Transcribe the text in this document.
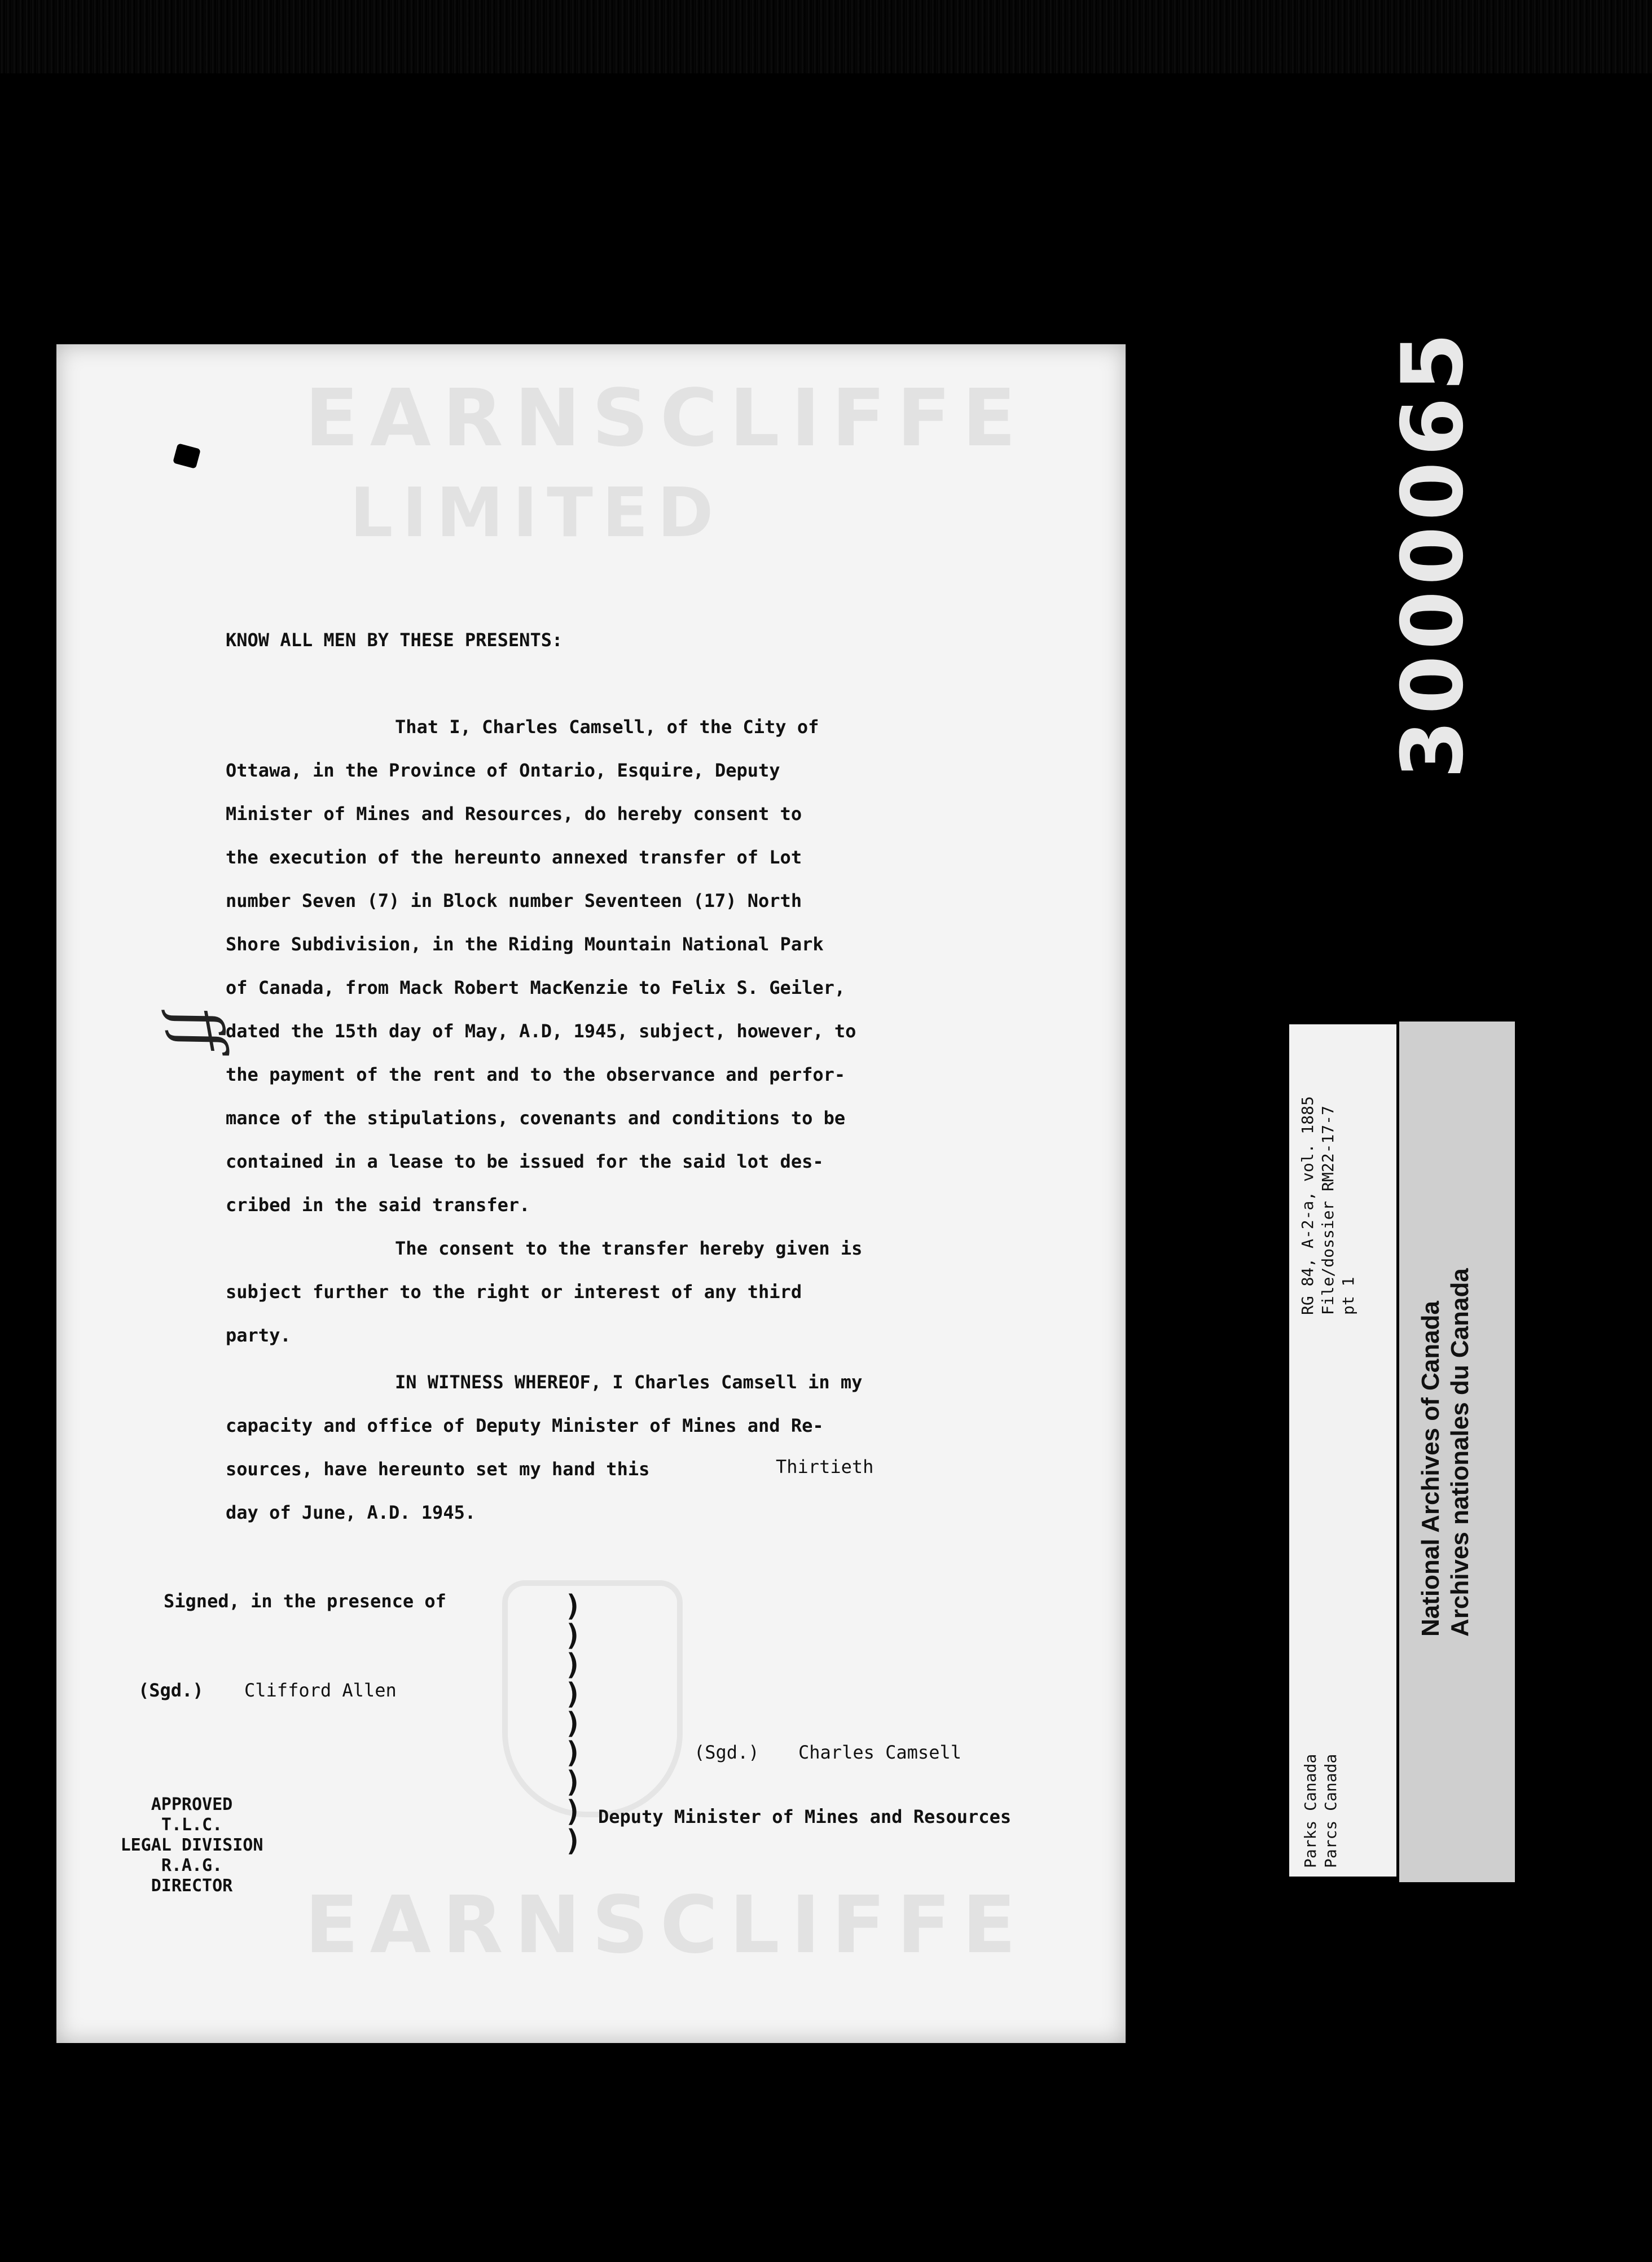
3000065
EARNSCLIFFE
LIMITED
EARNSCLIFFE
KNOW ALL MEN BY THESE PRESENTS:
That I, Charles Camsell, of the City of
Ottawa, in the Province of Ontario, Esquire, Deputy
Minister of Mines and Resources, do hereby consent to
the execution of the hereunto annexed transfer of Lot
number Seven (7) in Block number Seventeen (17) North
Shore Subdivision, in the Riding Mountain National Park
of Canada, from Mack Robert MacKenzie to Felix S. Geiler,
dated the 15th day of May, A.D, 1945, subject, however, to
the payment of the rent and to the observance and perfor-
mance of the stipulations, covenants and conditions to be
contained in a lease to be issued for the said lot des-
cribed in the said transfer.
The consent to the transfer hereby given is
subject further to the right or interest of any third
party.
ff
IN WITNESS WHEREOF, I Charles Camsell in my
capacity and office of Deputy Minister of Mines and Re-
sources, have hereunto set my hand this	Thirtieth
day of June, A.D. 1945.
Signed, in the presence of	)
)
)
)
)
)
)
)
)
(Sgd.) Clifford Allen
(Sgd.) Charles Camsell
Deputy Minister of Mines and Resources
APPROVED
T.L.C.
LEGAL DIVISION
R.A.G.
DIRECTOR
RG 84, A-2-a, vol. 1885 File/dossier RM22-17-7 pt 1
Parks Canada Parcs Canada
National Archives of Canada Archives nationales du Canada
